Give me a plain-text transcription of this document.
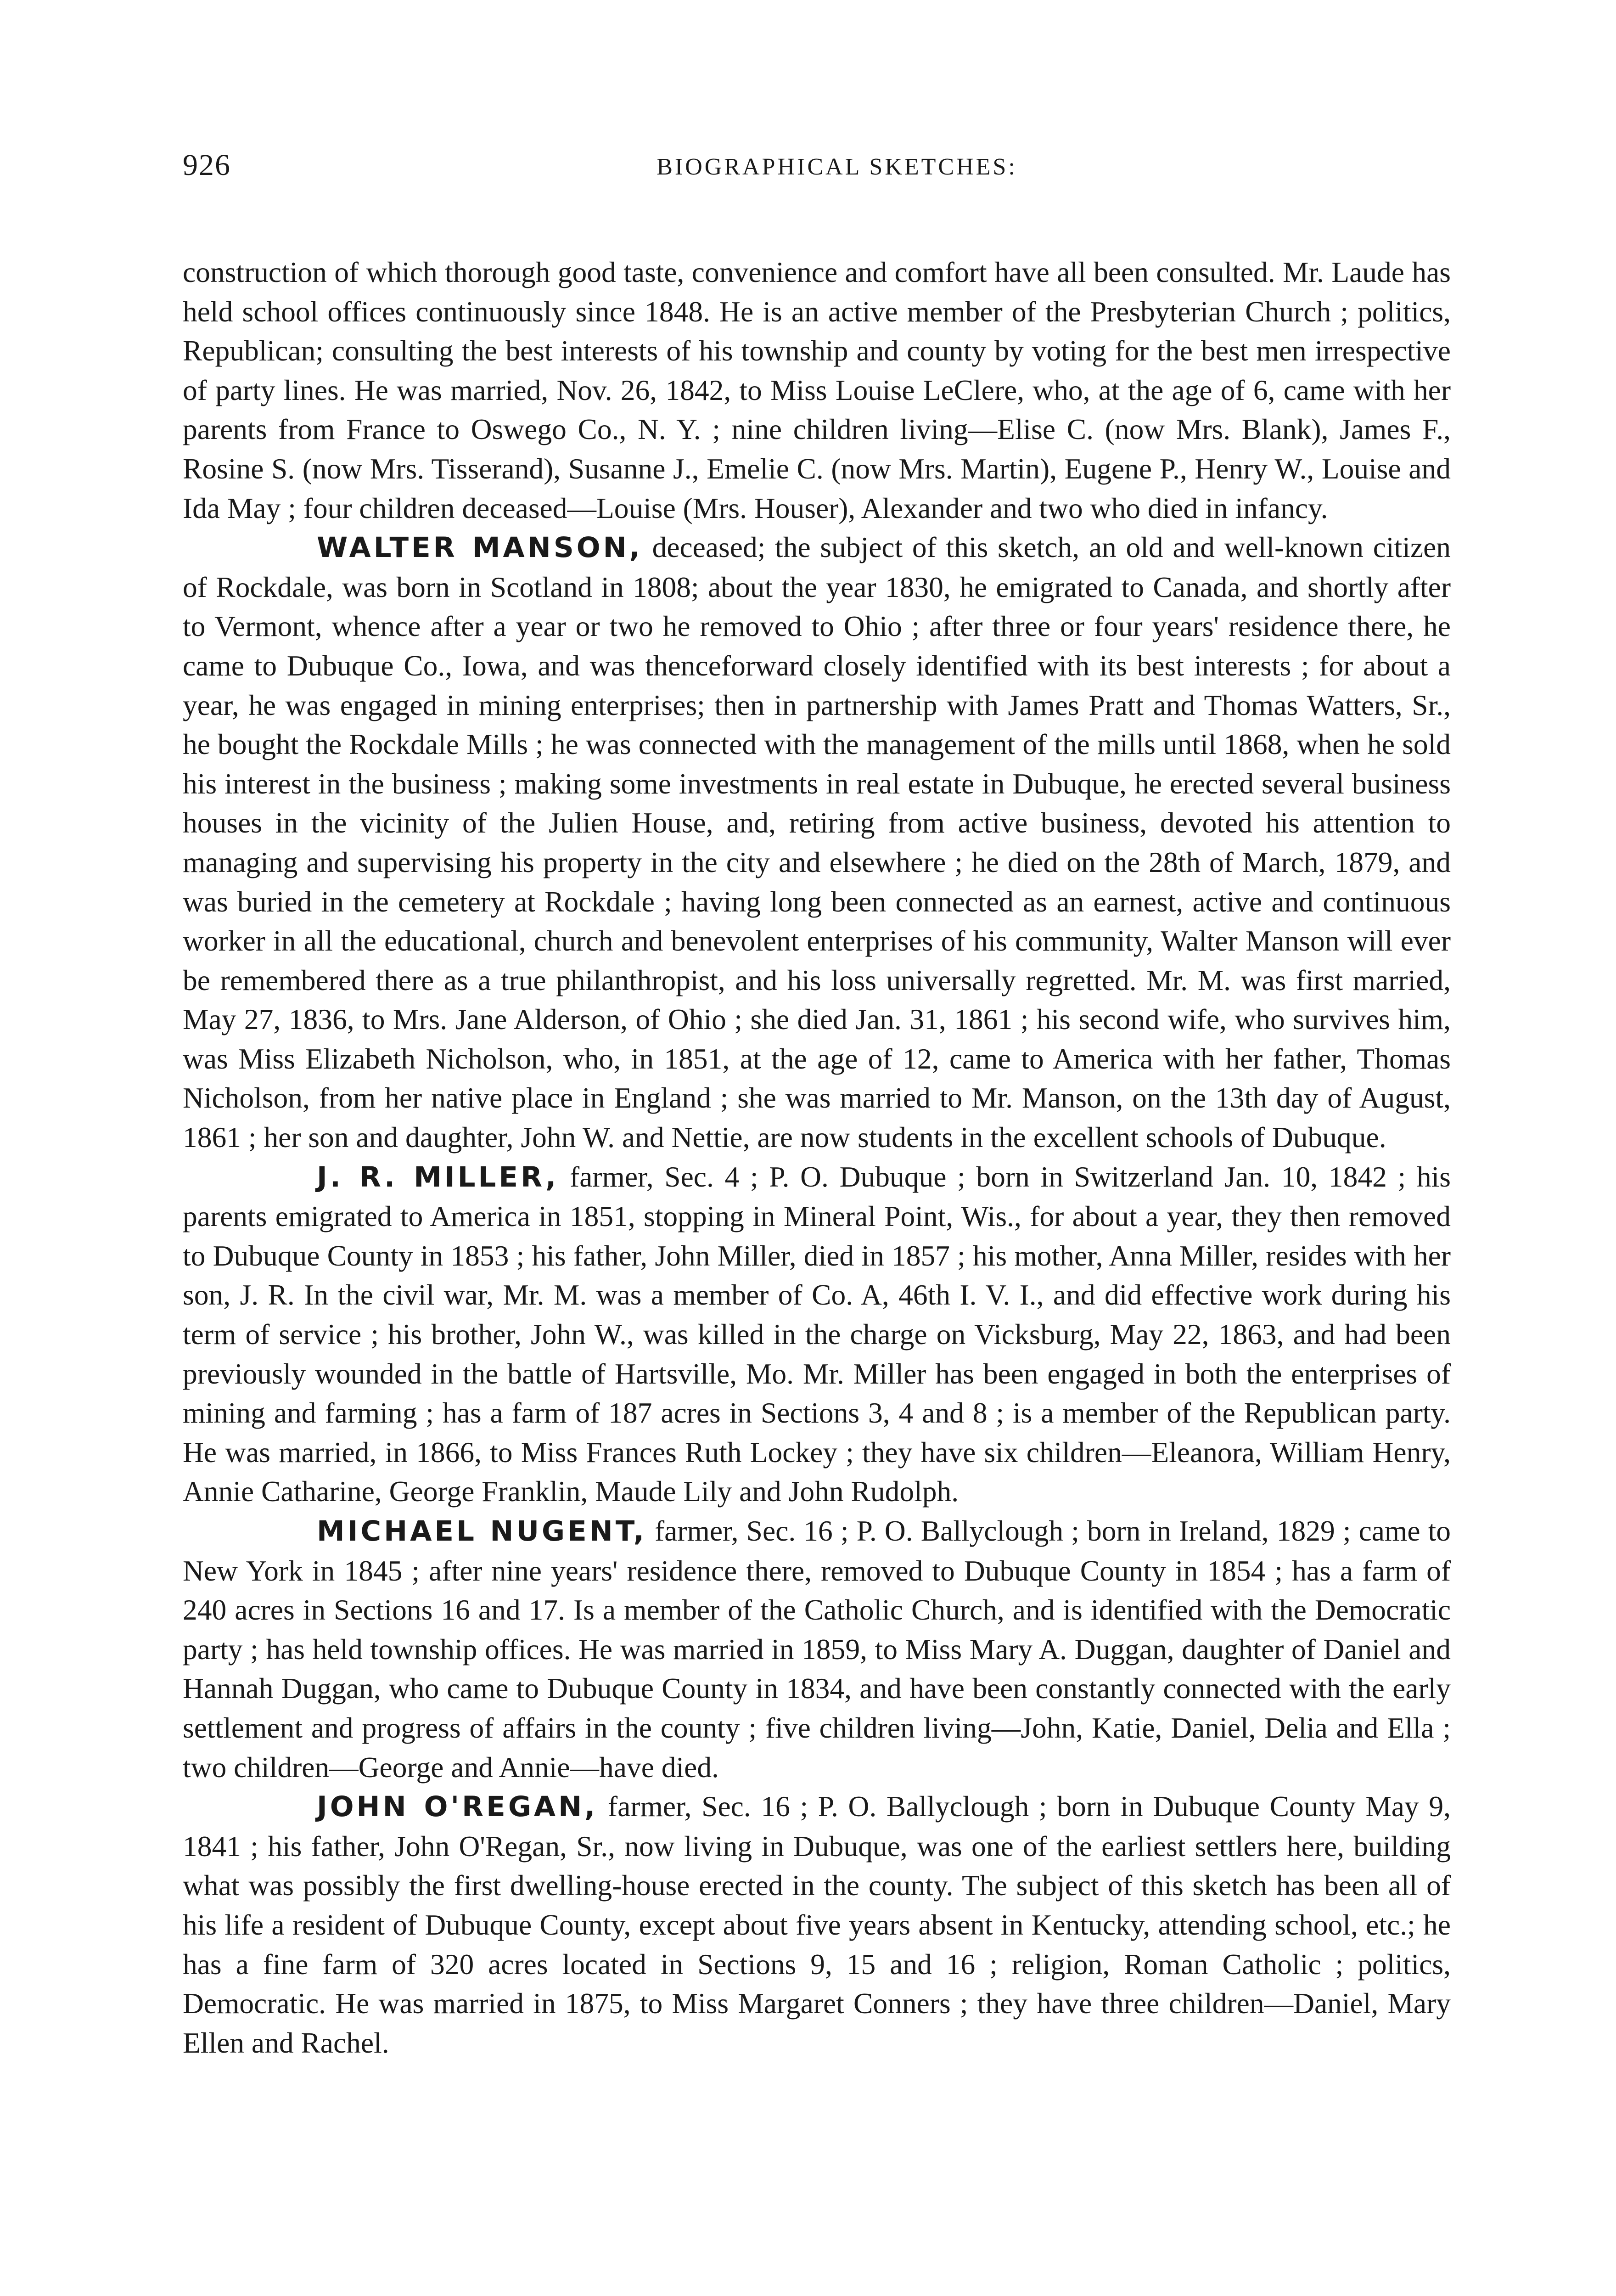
926	BIOGRAPHICAL SKETCHES:

construction of which thorough good taste, convenience and comfort have all been consulted. Mr. Laude has held school offices continuously since 1848. He is an active member of the Presbyterian Church ; politics, Republican; consulting the best interests of his township and county by voting for the best men irrespective of party lines. He was married, Nov. 26, 1842, to Miss Louise LeClere, who, at the age of 6, came with her parents from France to Oswego Co., N. Y. ; nine children living—Elise C. (now Mrs. Blank), James F., Rosine S. (now Mrs. Tisserand), Susanne J., Emelie C. (now Mrs. Martin), Eugene P., Henry W., Louise and Ida May ; four children deceased—Louise (Mrs. Houser), Alexander and two who died in infancy.

WALTER MANSON, deceased; the subject of this sketch, an old and well-known citizen of Rockdale, was born in Scotland in 1808; about the year 1830, he emigrated to Canada, and shortly after to Vermont, whence after a year or two he removed to Ohio ; after three or four years' residence there, he came to Dubuque Co., Iowa, and was thenceforward closely identified with its best interests ; for about a year, he was engaged in mining enterprises; then in partnership with James Pratt and Thomas Watters, Sr., he bought the Rockdale Mills ; he was connected with the management of the mills until 1868, when he sold his interest in the business ; making some investments in real estate in Dubuque, he erected several business houses in the vicinity of the Julien House, and, retiring from active business, devoted his attention to managing and supervising his property in the city and elsewhere ; he died on the 28th of March, 1879, and was buried in the cemetery at Rockdale ; having long been connected as an earnest, active and continuous worker in all the educational, church and benevolent enterprises of his community, Walter Manson will ever be remembered there as a true philanthropist, and his loss universally regretted. Mr. M. was first married, May 27, 1836, to Mrs. Jane Alderson, of Ohio ; she died Jan. 31, 1861 ; his second wife, who survives him, was Miss Elizabeth Nicholson, who, in 1851, at the age of 12, came to America with her father, Thomas Nicholson, from her native place in England ; she was married to Mr. Manson, on the 13th day of August, 1861 ; her son and daughter, John W. and Nettie, are now students in the excellent schools of Dubuque.

J. R. MILLER, farmer, Sec. 4 ; P. O. Dubuque ; born in Switzerland Jan. 10, 1842 ; his parents emigrated to America in 1851, stopping in Mineral Point, Wis., for about a year, they then removed to Dubuque County in 1853 ; his father, John Miller, died in 1857 ; his mother, Anna Miller, resides with her son, J. R. In the civil war, Mr. M. was a member of Co. A, 46th I. V. I., and did effective work during his term of service ; his brother, John W., was killed in the charge on Vicksburg, May 22, 1863, and had been previously wounded in the battle of Hartsville, Mo. Mr. Miller has been engaged in both the enterprises of mining and farming ; has a farm of 187 acres in Sections 3, 4 and 8 ; is a member of the Republican party. He was married, in 1866, to Miss Frances Ruth Lockey ; they have six children—Eleanora, William Henry, Annie Catharine, George Franklin, Maude Lily and John Rudolph.

MICHAEL NUGENT, farmer, Sec. 16 ; P. O. Ballyclough ; born in Ireland, 1829 ; came to New York in 1845 ; after nine years' residence there, removed to Dubuque County in 1854 ; has a farm of 240 acres in Sections 16 and 17. Is a member of the Catholic Church, and is identified with the Democratic party ; has held township offices. He was married in 1859, to Miss Mary A. Duggan, daughter of Daniel and Hannah Duggan, who came to Dubuque County in 1834, and have been constantly connected with the early settlement and progress of affairs in the county ; five children living—John, Katie, Daniel, Delia and Ella ; two children—George and Annie—have died.

JOHN O'REGAN, farmer, Sec. 16 ; P. O. Ballyclough ; born in Dubuque County May 9, 1841 ; his father, John O'Regan, Sr., now living in Dubuque, was one of the earliest settlers here, building what was possibly the first dwelling-house erected in the county. The subject of this sketch has been all of his life a resident of Dubuque County, except about five years absent in Kentucky, attending school, etc.; he has a fine farm of 320 acres located in Sections 9, 15 and 16 ; religion, Roman Catholic ; politics, Democratic. He was married in 1875, to Miss Margaret Conners ; they have three children—Daniel, Mary Ellen and Rachel.
